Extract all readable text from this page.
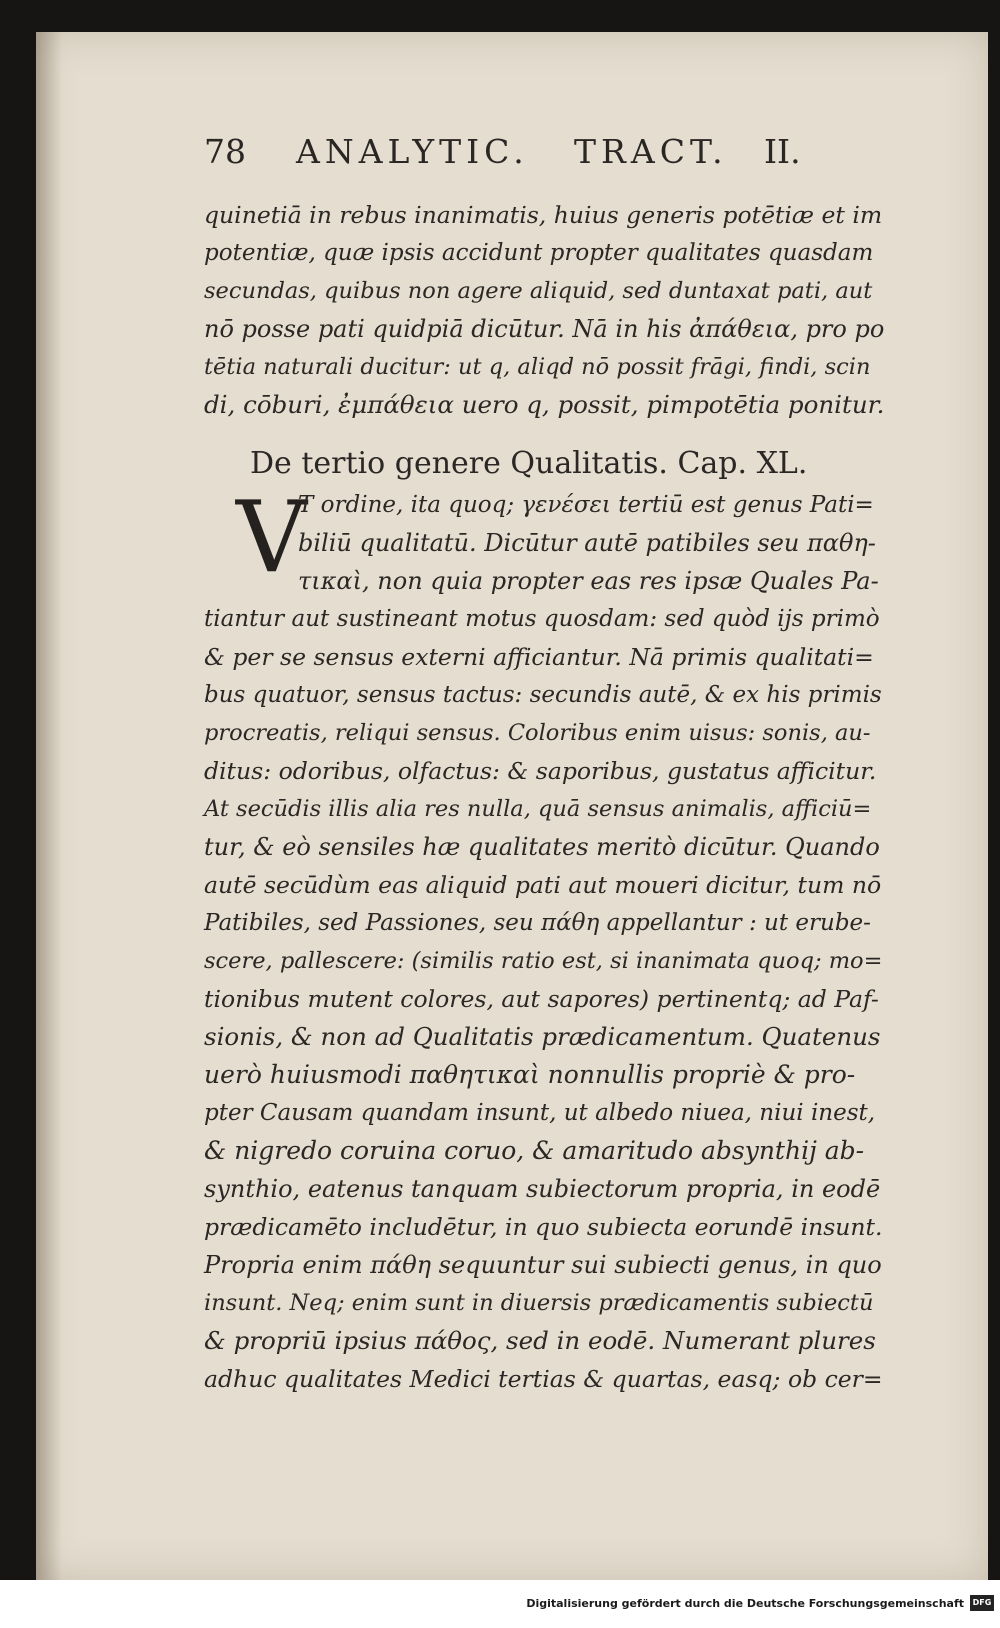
78 ANALYTIC. TRACT. II.
quinetiā in rebus inanimatis, huius generis potētiæ et im
potentiæ, quæ ipsis accidunt propter qualitates quasdam
secundas, quibus non agere aliquid, sed duntaxat pati, aut
nō posse pati quidpiā dicūtur. Nā in his ἀπάθεια, pro po
tētia naturali ducitur: ut q, aliqd nō possit frāgi, findi, scin
di, cōburi, ἐμπάθεια uero q, possit, pimpotētia ponitur.
De tertio genere Qualitatis. Cap. XL.
V
T ordine, ita quoq; γενέσει tertiū est genus Pati=
biliū qualitatū. Dicūtur autē patibiles seu παθη-
τικαὶ, non quia propter eas res ipsæ Quales Pa-
tiantur aut sustineant motus quosdam: sed quòd ijs primò
& per se sensus externi afficiantur. Nā primis qualitati=
bus quatuor, sensus tactus: secundis autē, & ex his primis
procreatis, reliqui sensus. Coloribus enim uisus: sonis, au-
ditus: odoribus, olfactus: & saporibus, gustatus afficitur.
At secūdis illis alia res nulla, quā sensus animalis, afficiū=
tur, & eò sensiles hæ qualitates meritò dicūtur. Quando
autē secūdùm eas aliquid pati aut moueri dicitur, tum nō
Patibiles, sed Passiones, seu πάθη appellantur : ut erube-
scere, pallescere: (similis ratio est, si inanimata quoq; mo=
tionibus mutent colores, aut sapores) pertinentq; ad Paf-
sionis, & non ad Qualitatis prædicamentum. Quatenus
uerò huiusmodi παθητικαὶ nonnullis propriè & pro-
pter Causam quandam insunt, ut albedo niuea, niui inest,
& nigredo coruina coruo, & amaritudo absynthij ab-
synthio, eatenus tanquam subiectorum propria, in eodē
prædicamēto includētur, in quo subiecta eorundē insunt.
Propria enim πάθη sequuntur sui subiecti genus, in quo
insunt. Neq; enim sunt in diuersis prædicamentis subiectū
& propriū ipsius πάθος, sed in eodē. Numerant plures
adhuc qualitates Medici tertias & quartas, easq; ob cer=
Digitalisierung gefördert durch die Deutsche Forschungsgemeinschaft	DFG
